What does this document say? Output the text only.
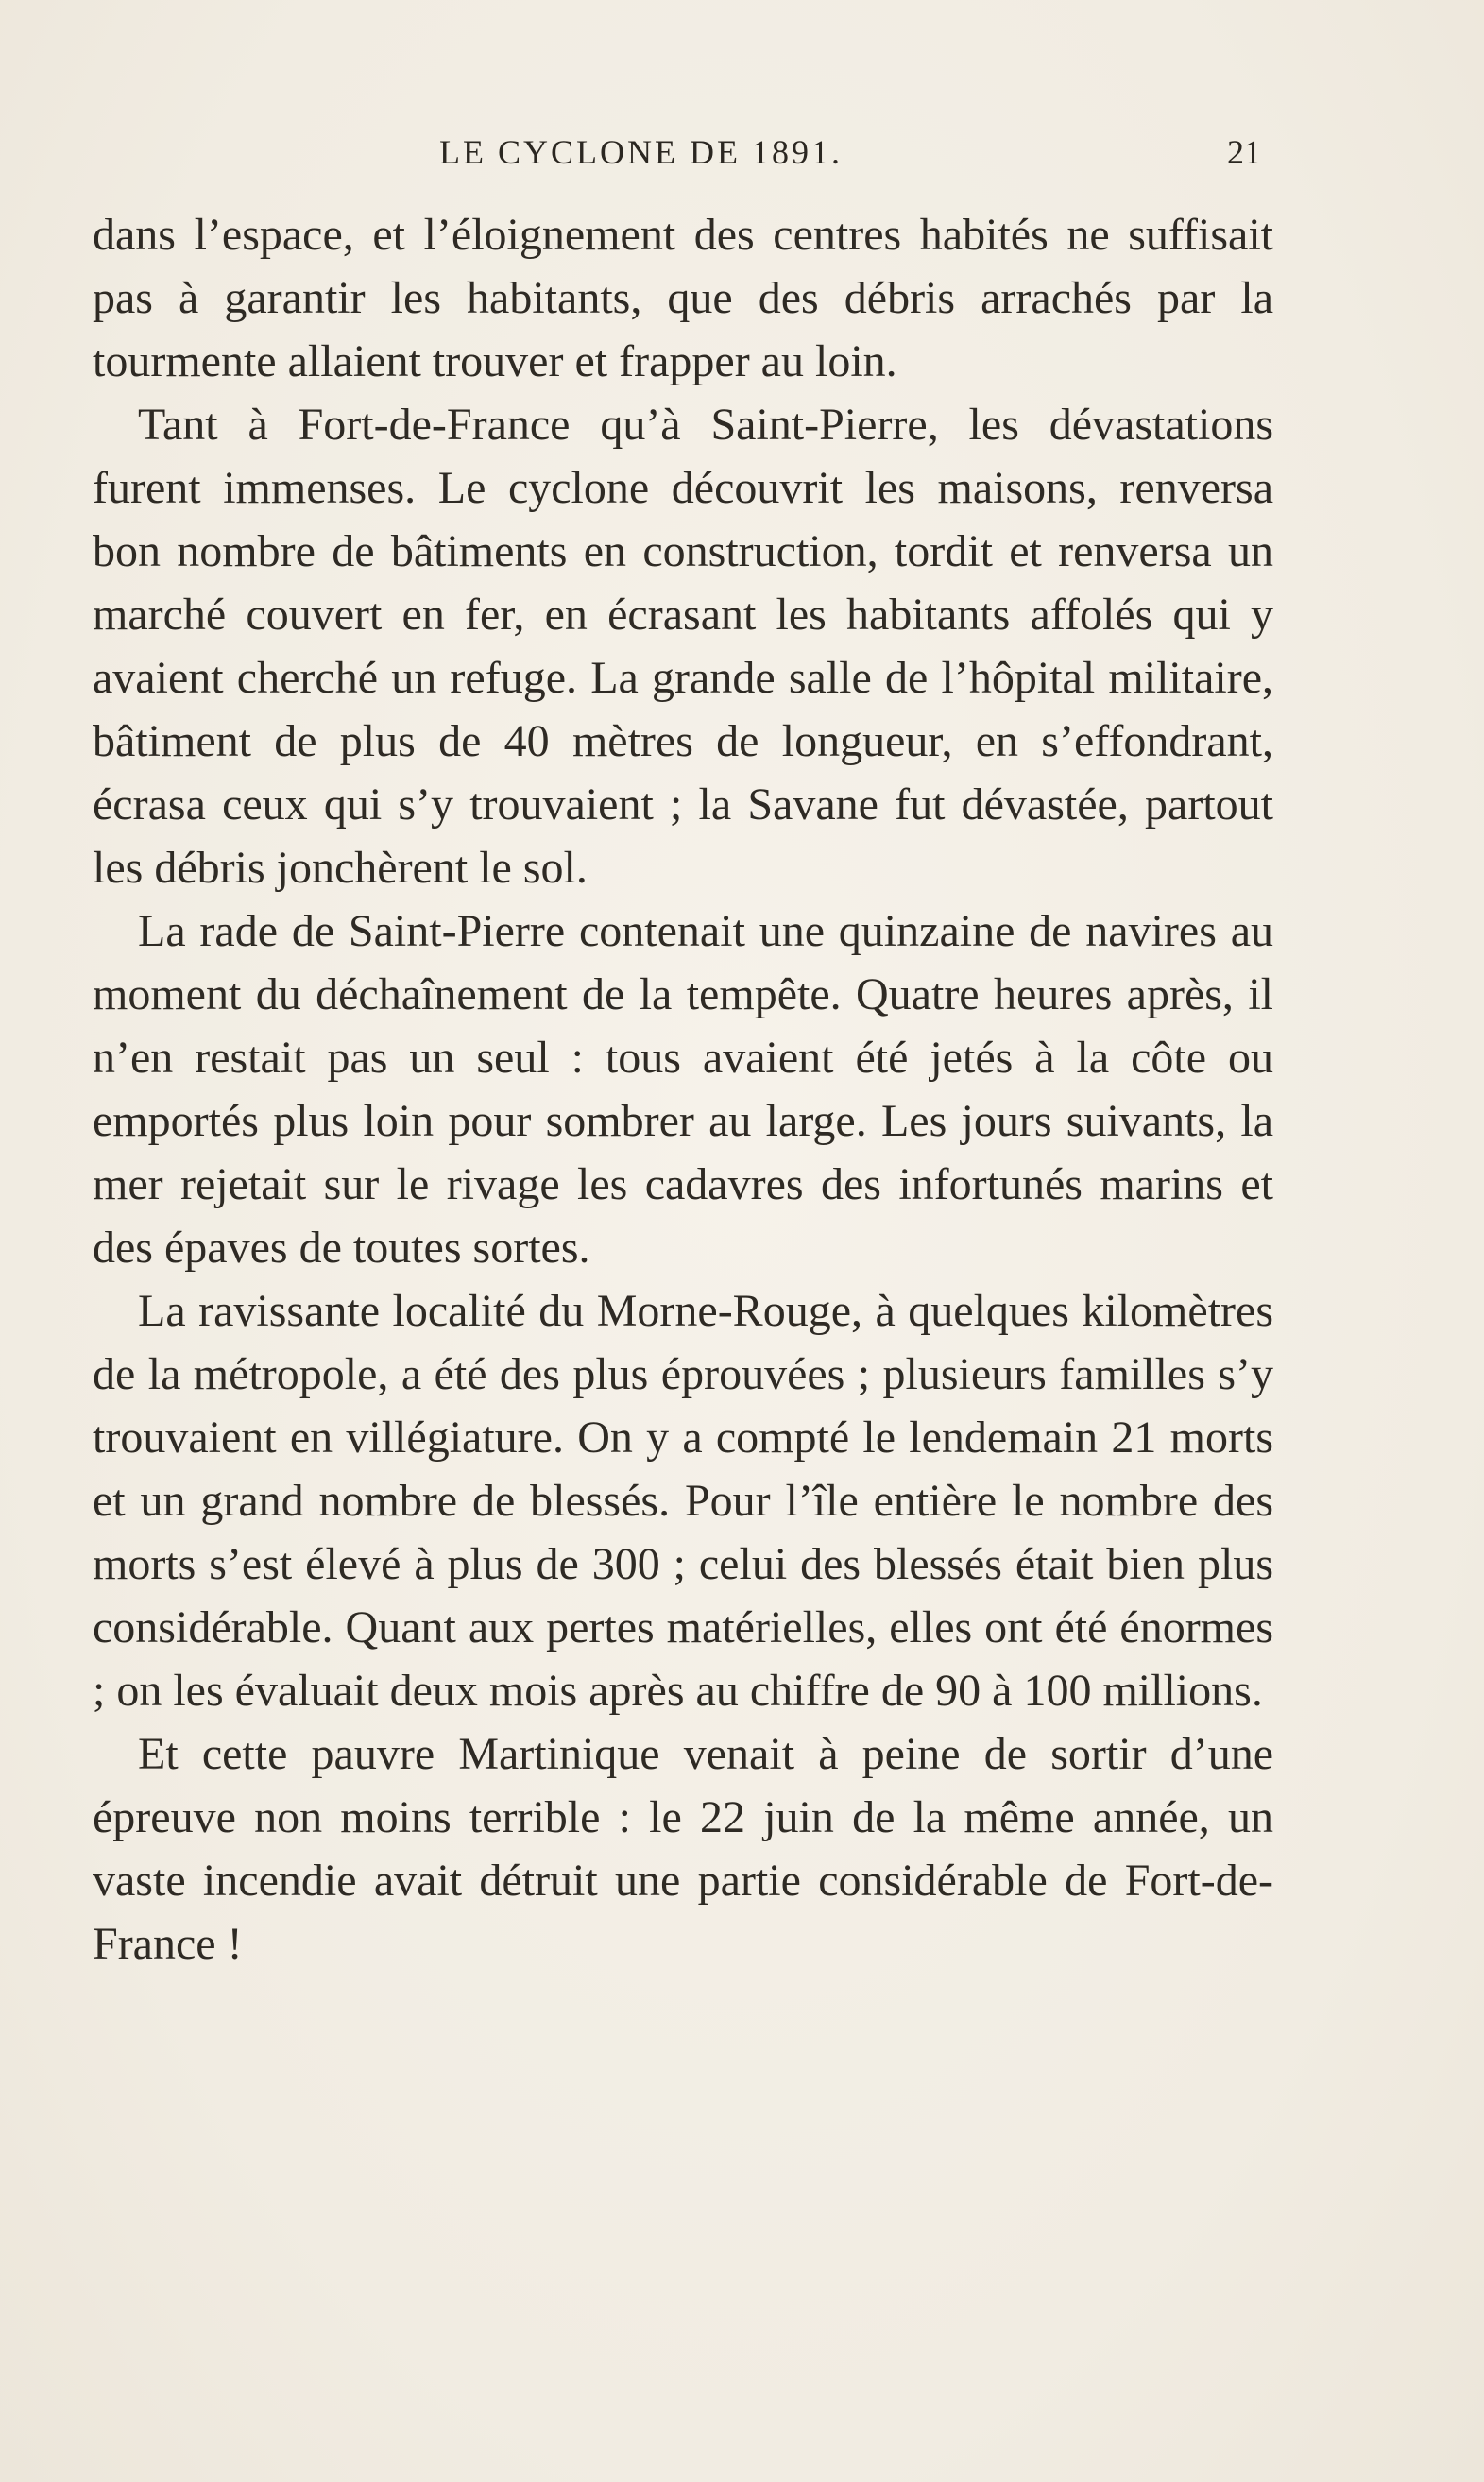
LE CYCLONE DE 1891.	21

dans l’espace, et l’éloignement des centres habités ne suffisait pas à garantir les habitants, que des débris arrachés par la tourmente allaient trouver et frapper au loin.

Tant à Fort-de-France qu’à Saint-Pierre, les dévastations furent immenses. Le cyclone découvrit les maisons, renversa bon nombre de bâtiments en construction, tordit et renversa un marché couvert en fer, en écrasant les habitants affolés qui y avaient cherché un refuge. La grande salle de l’hôpital militaire, bâtiment de plus de 40 mètres de longueur, en s’effondrant, écrasa ceux qui s’y trouvaient ; la Savane fut dévastée, partout les débris jonchèrent le sol.

La rade de Saint-Pierre contenait une quinzaine de navires au moment du déchaînement de la tempête. Quatre heures après, il n’en restait pas un seul : tous avaient été jetés à la côte ou emportés plus loin pour sombrer au large. Les jours suivants, la mer rejetait sur le rivage les cadavres des infortunés marins et des épaves de toutes sortes.

La ravissante localité du Morne-Rouge, à quelques kilomètres de la métropole, a été des plus éprouvées ; plusieurs familles s’y trouvaient en villégiature. On y a compté le lendemain 21 morts et un grand nombre de blessés. Pour l’île entière le nombre des morts s’est élevé à plus de 300 ; celui des blessés était bien plus considérable. Quant aux pertes matérielles, elles ont été énormes ; on les évaluait deux mois après au chiffre de 90 à 100 millions.

Et cette pauvre Martinique venait à peine de sortir d’une épreuve non moins terrible : le 22 juin de la même année, un vaste incendie avait détruit une partie considérable de Fort-de-France !
